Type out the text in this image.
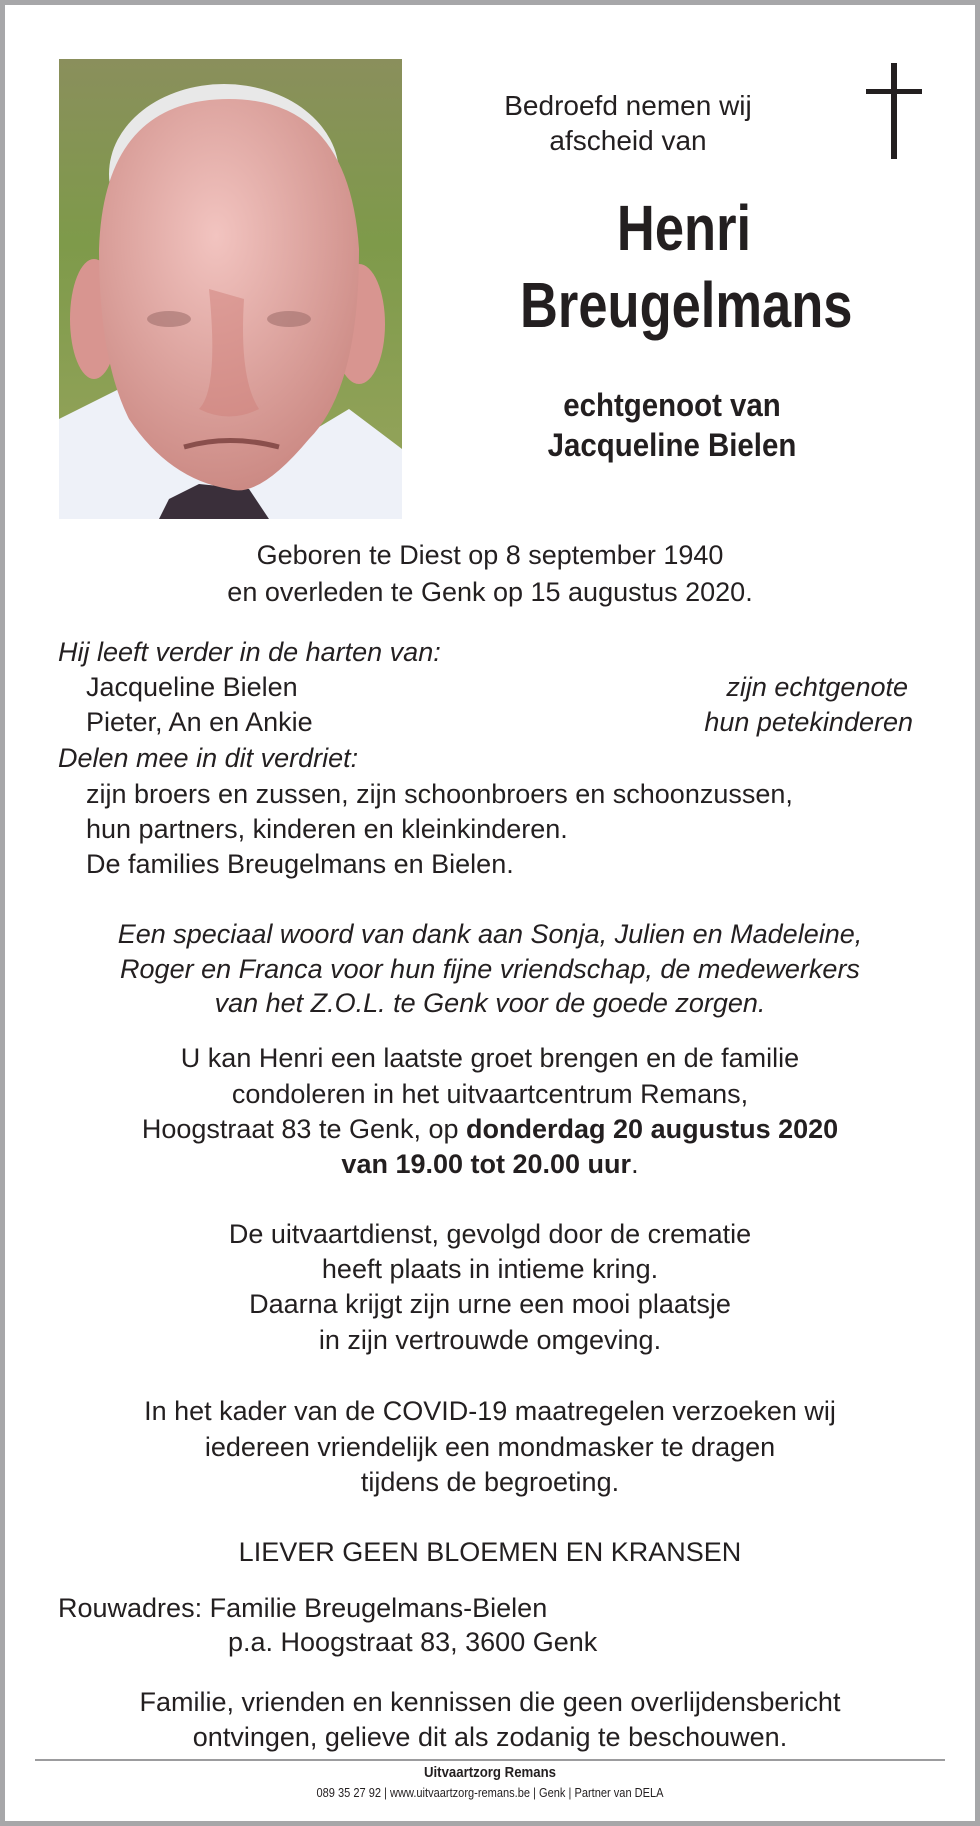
Bedroefd nemen wij
afscheid van
Henri
Breugelmans
echtgenoot van
Jacqueline Bielen
Geboren te Diest op 8 september 1940
en overleden te Genk op 15 augustus 2020.
Hij leeft verder in de harten van:
Jacqueline Bielen	zijn echtgenote
Pieter, An en Ankie	hun petekinderen
Delen mee in dit verdriet:
zijn broers en zussen, zijn schoonbroers en schoonzussen,
hun partners, kinderen en kleinkinderen.
De families Breugelmans en Bielen.
Een speciaal woord van dank aan Sonja, Julien en Madeleine,
Roger en Franca voor hun fijne vriendschap, de medewerkers
van het Z.O.L. te Genk voor de goede zorgen.
U kan Henri een laatste groet brengen en de familie
condoleren in het uitvaartcentrum Remans,
Hoogstraat 83 te Genk, op donderdag 20 augustus 2020
van 19.00 tot 20.00 uur.
De uitvaartdienst, gevolgd door de crematie
heeft plaats in intieme kring.
Daarna krijgt zijn urne een mooi plaatsje
in zijn vertrouwde omgeving.
In het kader van de COVID-19 maatregelen verzoeken wij
iedereen vriendelijk een mondmasker te dragen
tijdens de begroeting.
LIEVER GEEN BLOEMEN EN KRANSEN
Rouwadres: Familie Breugelmans-Bielen
p.a. Hoogstraat 83, 3600 Genk
Familie, vrienden en kennissen die geen overlijdensbericht
ontvingen, gelieve dit als zodanig te beschouwen.
Uitvaartzorg Remans
089 35 27 92 | www.uitvaartzorg-remans.be | Genk | Partner van DELA
